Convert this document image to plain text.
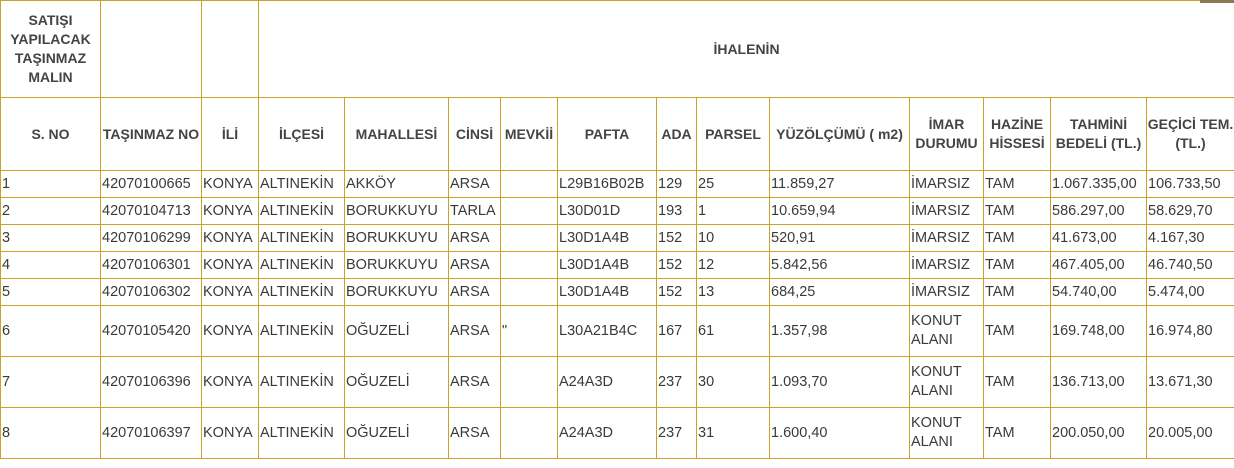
SATIŞI YAPILACAK TAŞINMAZ MALIN			İHALENİN											
S. NO	TAŞINMAZ NO	İLİ	İLÇESİ	MAHALLESİ	CİNSİ	MEVKİİ	PAFTA	ADA	PARSEL	YÜZÖLÇÜMÜ ( m2)	İMAR DURUMU	HAZİNE HİSSESİ	TAHMİNİ BEDELİ (TL.)	GEÇİCİ TEM. (TL.)
1	42070100665	KONYA	ALTINEKİN	AKKÖY	ARSA		L29B16B02B	129	25	11.859,27	İMARSIZ	TAM	1.067.335,00	106.733,50
2	42070104713	KONYA	ALTINEKİN	BORUKKUYU	TARLA		L30D01D	193	1	10.659,94	İMARSIZ	TAM	586.297,00	58.629,70
3	42070106299	KONYA	ALTINEKİN	BORUKKUYU	ARSA		L30D1A4B	152	10	520,91	İMARSIZ	TAM	41.673,00	4.167,30
4	42070106301	KONYA	ALTINEKİN	BORUKKUYU	ARSA		L30D1A4B	152	12	5.842,56	İMARSIZ	TAM	467.405,00	46.740,50
5	42070106302	KONYA	ALTINEKİN	BORUKKUYU	ARSA		L30D1A4B	152	13	684,25	İMARSIZ	TAM	54.740,00	5.474,00
6	42070105420	KONYA	ALTINEKİN	OĞUZELİ	ARSA	"	L30A21B4C	167	61	1.357,98	KONUT ALANI	TAM	169.748,00	16.974,80
7	42070106396	KONYA	ALTINEKİN	OĞUZELİ	ARSA		A24A3D	237	30	1.093,70	KONUT ALANI	TAM	136.713,00	13.671,30
8	42070106397	KONYA	ALTINEKİN	OĞUZELİ	ARSA		A24A3D	237	31	1.600,40	KONUT ALANI	TAM	200.050,00	20.005,00
